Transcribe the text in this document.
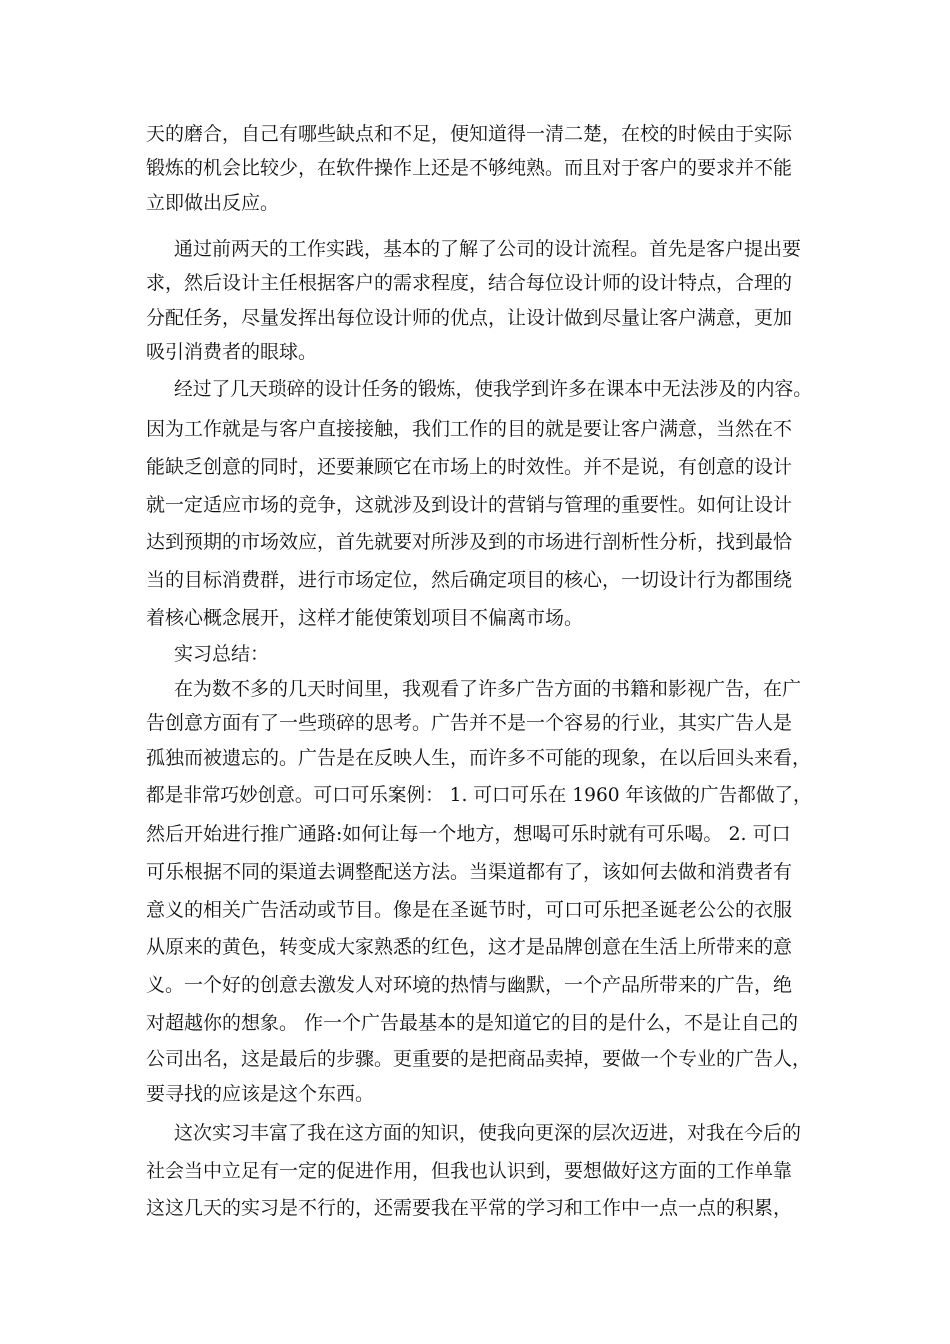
天的磨合，自己有哪些缺点和不足，便知道得一清二楚，在校的时候由于实际
锻炼的机会比较少，在软件操作上还是不够纯熟。而且对于客户的要求并不能
立即做出反应。
通过前两天的工作实践，基本的了解了公司的设计流程。首先是客户提出要
求，然后设计主任根据客户的需求程度，结合每位设计师的设计特点，合理的
分配任务，尽量发挥出每位设计师的优点，让设计做到尽量让客户满意，更加
吸引消费者的眼球。
经过了几天琐碎的设计任务的锻炼，使我学到许多在课本中无法涉及的内容。
因为工作就是与客户直接接触，我们工作的目的就是要让客户满意，当然在不
能缺乏创意的同时，还要兼顾它在市场上的时效性。并不是说，有创意的设计
就一定适应市场的竞争，这就涉及到设计的营销与管理的重要性。如何让设计
达到预期的市场效应，首先就要对所涉及到的市场进行剖析性分析，找到最恰
当的目标消费群，进行市场定位，然后确定项目的核心，一切设计行为都围绕
着核心概念展开，这样才能使策划项目不偏离市场。
实习总结：
在为数不多的几天时间里，我观看了许多广告方面的书籍和影视广告，在广
告创意方面有了一些琐碎的思考。广告并不是一个容易的行业，其实广告人是
孤独而被遗忘的。广告是在反映人生，而许多不可能的现象，在以后回头来看，
都是非常巧妙创意。可口可乐案例： 1. 可口可乐在 1960 年该做的广告都做了，
然后开始进行推广通路:如何让每一个地方，想喝可乐时就有可乐喝。 2. 可口
可乐根据不同的渠道去调整配送方法。当渠道都有了，该如何去做和消费者有
意义的相关广告活动或节目。像是在圣诞节时，可口可乐把圣诞老公公的衣服
从原来的黄色，转变成大家熟悉的红色，这才是品牌创意在生活上所带来的意
义。一个好的创意去激发人对环境的热情与幽默，一个产品所带来的广告，绝
对超越你的想象。 作一个广告最基本的是知道它的目的是什么，不是让自己的
公司出名，这是最后的步骤。更重要的是把商品卖掉，要做一个专业的广告人，
要寻找的应该是这个东西。
这次实习丰富了我在这方面的知识，使我向更深的层次迈进，对我在今后的
社会当中立足有一定的促进作用，但我也认识到，要想做好这方面的工作单靠
这这几天的实习是不行的，还需要我在平常的学习和工作中一点一点的积累，
